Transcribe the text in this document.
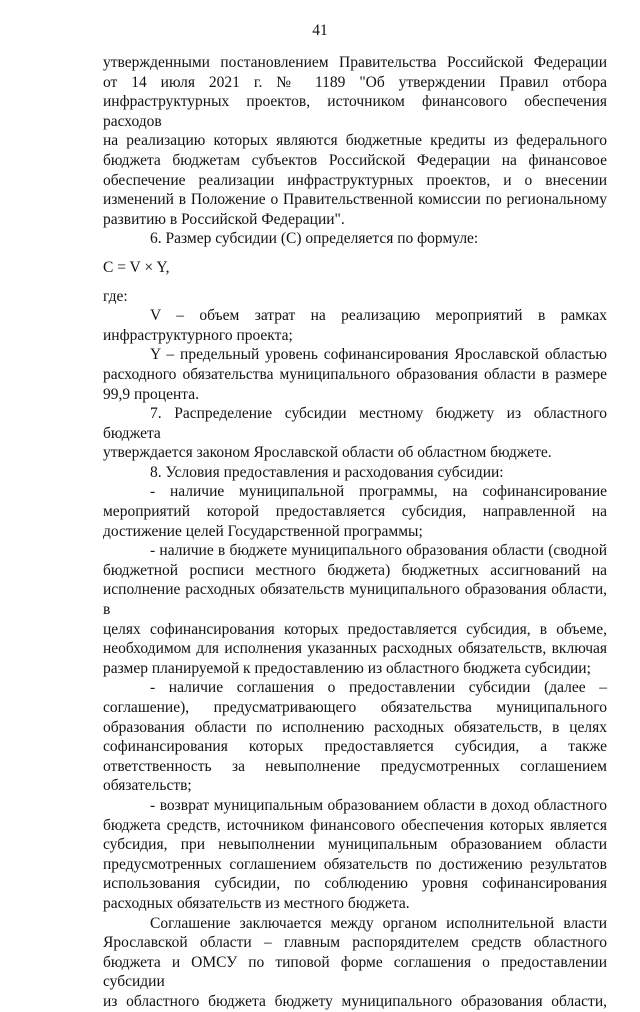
41

утвержденными постановлением Правительства Российской Федерации

от 14 июля 2021 г. № 1189 "Об утверждении Правил отбора

инфраструктурных проектов, источником финансового обеспечения расходов

на реализацию которых являются бюджетные кредиты из федерального

бюджета бюджетам субъектов Российской Федерации на финансовое

обеспечение реализации инфраструктурных проектов, и о внесении

изменений в Положение о Правительственной комиссии по региональному

развитию в Российской Федерации".

6. Размер субсидии (С) определяется по формуле:

C = V × Y,

где:

V – объем затрат на реализацию мероприятий в рамках

инфраструктурного проекта;

Y – предельный уровень софинансирования Ярославской областью

расходного обязательства муниципального образования области в размере

99,9 процента.

7. Распределение субсидии местному бюджету из областного бюджета

утверждается законом Ярославской области об областном бюджете.

8. Условия предоставления и расходования субсидии:

- наличие муниципальной программы, на софинансирование

мероприятий которой предоставляется субсидия, направленной на

достижение целей Государственной программы;

- наличие в бюджете муниципального образования области (сводной

бюджетной росписи местного бюджета) бюджетных ассигнований на

исполнение расходных обязательств муниципального образования области, в

целях софинансирования которых предоставляется субсидия, в объеме,

необходимом для исполнения указанных расходных обязательств, включая

размер планируемой к предоставлению из областного бюджета субсидии;

- наличие соглашения о предоставлении субсидии (далее –

соглашение), предусматривающего обязательства муниципального

образования области по исполнению расходных обязательств, в целях

софинансирования которых предоставляется субсидия, а также

ответственность за невыполнение предусмотренных соглашением

обязательств;

- возврат муниципальным образованием области в доход областного

бюджета средств, источником финансового обеспечения которых является

субсидия, при невыполнении муниципальным образованием области

предусмотренных соглашением обязательств по достижению результатов

использования субсидии, по соблюдению уровня софинансирования

расходных обязательств из местного бюджета.

Соглашение заключается между органом исполнительной власти

Ярославской области – главным распорядителем средств областного

бюджета и ОМСУ по типовой форме соглашения о предоставлении субсидии

из областного бюджета бюджету муниципального образования области,
